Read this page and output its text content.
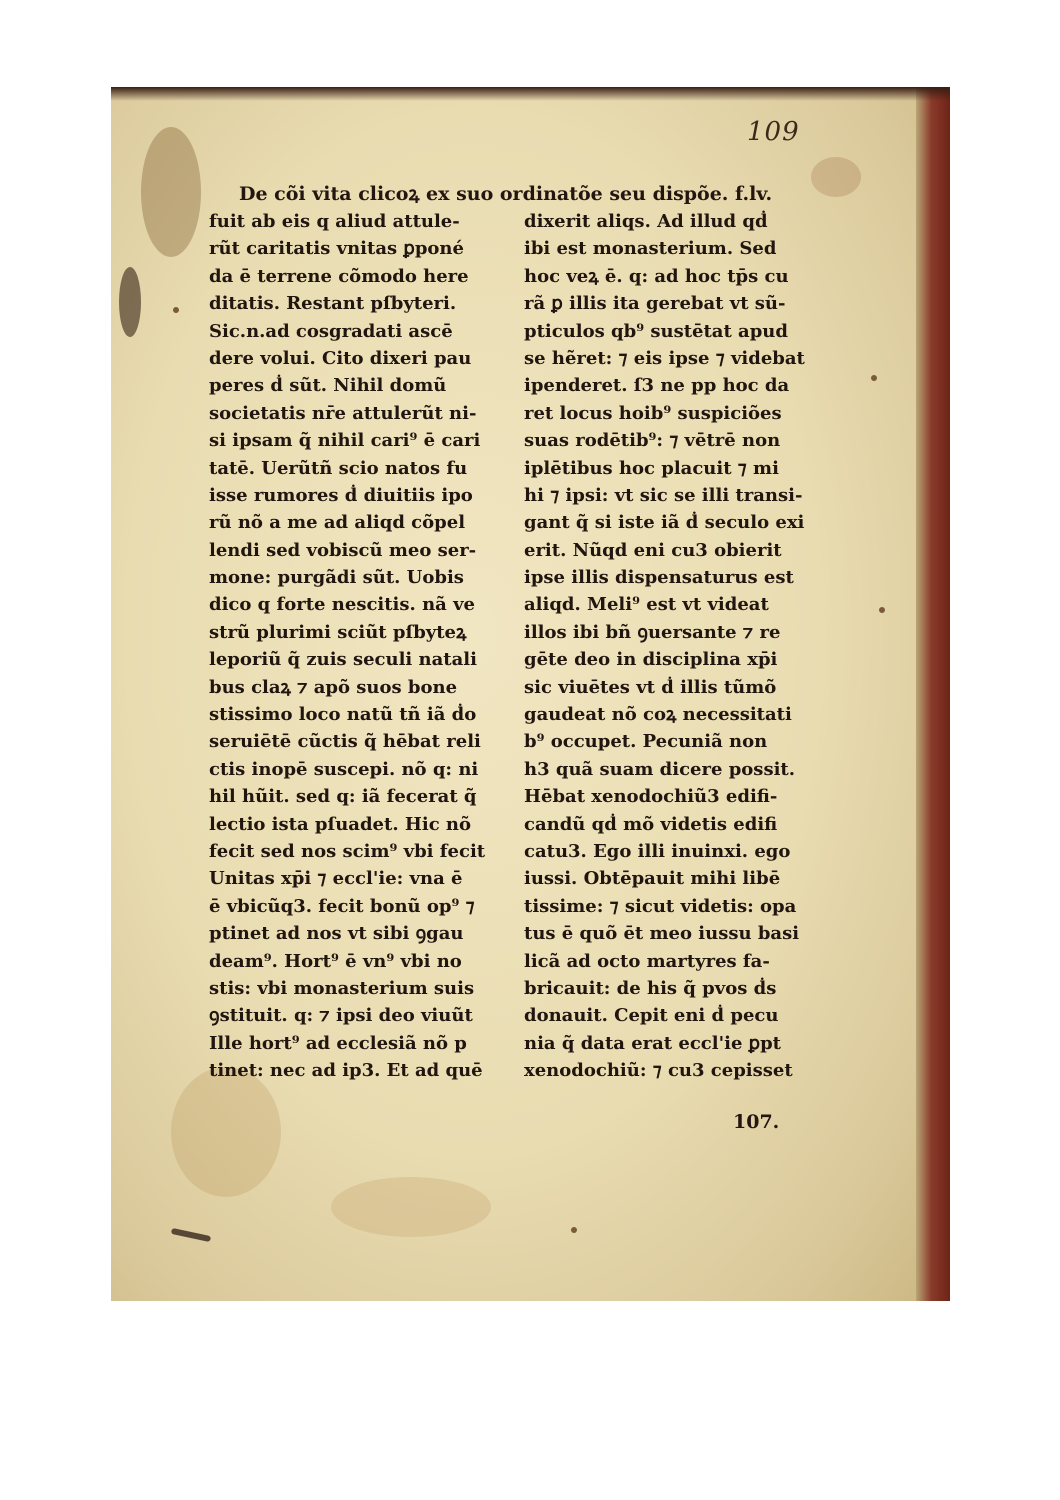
109
De cõi vita clicoꝝ ex suo ordinatõe seu dispõe. f.lv.
fuit ab eis q aliud attule-
rũt caritatis vnitas ꝑponé
da ē terrene cõmodo here
ditatis. Restant pſbyteri.
Sic.n.ad cosgradati ascē
dere volui. Cito dixeri pau
peres ḋ sũt. Nihil domũ
societatis nr̄e attulerũt ni-
si ipsam q̃ nihil cari⁹ ē cari
tatē. Uerũtñ scio natos fu
isse rumores ḋ diuitiis ipo
rũ nõ a me ad aliqd cõpel
lendi sed vobiscũ meo ser-
mone: purgãdi sũt. Uobis
dico q forte nescitis. nã ve
strũ plurimi sciũt pſbyteꝝ
leporiũ q̃ zuis seculi natali
bus claꝝ ⁊ apõ suos bone
stissimo loco natũ tñ iã ḋo
seruiētē cũctis q̃ hēbat reli
ctis inopē suscepi. nõ q: ni
hil hũit. sed q: iã fecerat q̃
lectio ista pſuadet. Hic nõ
fecit sed nos scim⁹ vbi fecit
Unitas xp̄i ⁊ eccl'ie: vna ē
ē vbicũq3. fecit bonũ op⁹ ⁊
ptinet ad nos vt sibi ꝯgau
deam⁹. Hort⁹ ē vn⁹ vbi no
stis: vbi monasterium suis
ꝯstituit. q: ⁊ ipsi deo viuũt
Ille hort⁹ ad ecclesiã nõ p
tinet: nec ad ip3. Et ad quē
dixerit aliqs. Ad illud qḋ
ibi est monasterium. Sed
hoc veꝝ ē. q: ad hoc tp̄s cu
rã ꝑ illis ita gerebat vt sũ-
pticulos qb⁹ sustētat apud
se hẽret: ⁊ eis ipse ⁊ videbat
ipenderet. ſ3 ne pp hoc da
ret locus hoib⁹ suspiciões
suas rodētib⁹: ⁊ vētrē non
iplētibus hoc placuit ⁊ mi
hi ⁊ ipsi: vt sic se illi transi-
gant q̃ si iste iã ḋ seculo exi
erit. Nũqd eni cu3 obierit
ipse illis dispensaturus est
aliqd. Meli⁹ est vt videat
illos ibi bñ ꝯuersante ⁊ re
gēte deo in disciplina xp̄i
sic viuētes vt ḋ illis tũmõ
gaudeat nõ coꝝ necessitati
b⁹ occupet. Pecuniã non
h3 quã suam dicere possit.
Hēbat xenodochiũ3 edifi-
candũ qḋ mõ videtis edifi
catu3. Ego illi inuinxi. ego
iussi. Obtēpauit mihi libē
tissime: ⁊ sicut videtis: opa
tus ē quõ ēt meo iussu basi
licã ad octo martyres fa-
bricauit: de his q̃ pvos ḋs
donauit. Cepit eni ḋ pecu
nia q̃ data erat eccl'ie ꝑpt
xenodochiũ: ⁊ cu3 cepisset
107.
